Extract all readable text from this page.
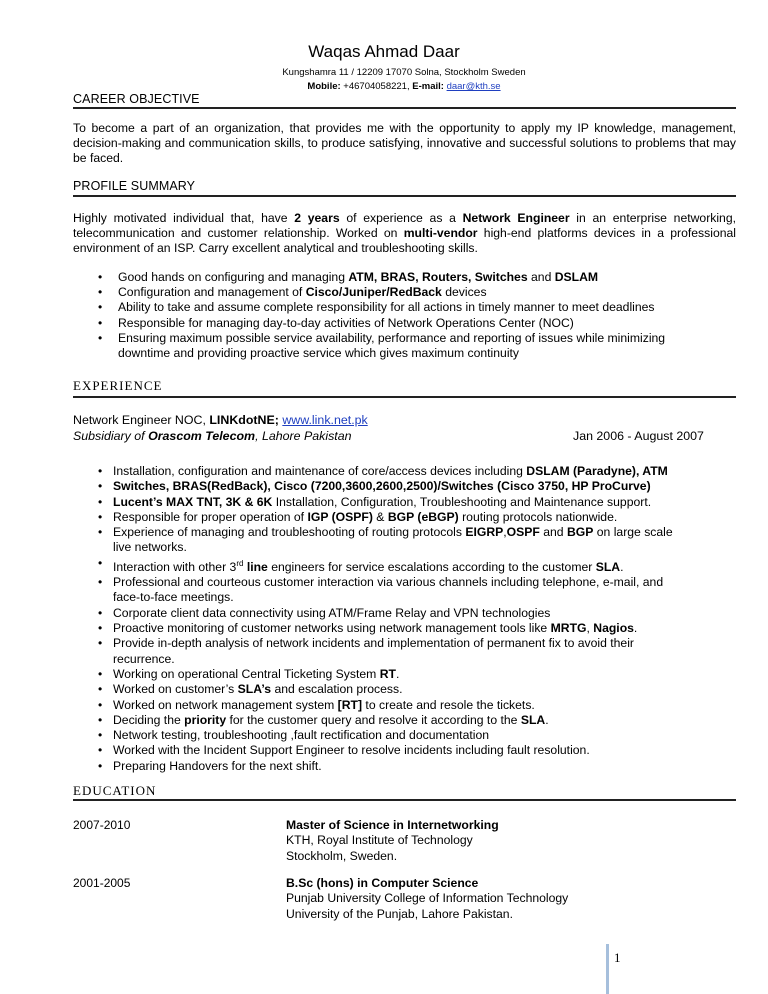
Waqas Ahmad Daar
Kungshamra 11 / 12209 17070 Solna, Stockholm Sweden
Mobile: +46704058221, E-mail: daar@kth.se
CAREER OBJECTIVE
To become a part of an organization, that provides me with the opportunity to apply my IP knowledge, management, decision-making and communication skills, to produce satisfying, innovative and successful solutions to problems that may be faced.
PROFILE SUMMARY
Highly motivated individual that, have 2 years of experience as a Network Engineer in an enterprise networking, telecommunication and customer relationship. Worked on multi-vendor high-end platforms devices in a professional environment of an ISP. Carry excellent analytical and troubleshooting skills.
• Good hands on configuring and managing ATM, BRAS, Routers, Switches and DSLAM
• Configuration and management of Cisco/Juniper/RedBack devices
• Ability to take and assume complete responsibility for all actions in timely manner to meet deadlines
• Responsible for managing day-to-day activities of Network Operations Center (NOC)
• Ensuring maximum possible service availability, performance and reporting of issues while minimizing downtime and providing proactive service which gives maximum continuity
EXPERIENCE
Network Engineer NOC, LINKdotNE; www.link.net.pk
Subsidiary of Orascom Telecom, Lahore Pakistan	Jan 2006 - August 2007
• Installation, configuration and maintenance of core/access devices including DSLAM (Paradyne), ATM
• Switches, BRAS(RedBack), Cisco (7200,3600,2600,2500)/Switches (Cisco 3750, HP ProCurve)
• Lucent’s MAX TNT, 3K & 6K Installation, Configuration, Troubleshooting and Maintenance support.
• Responsible for proper operation of IGP (OSPF) & BGP (eBGP) routing protocols nationwide.
• Experience of managing and troubleshooting of routing protocols EIGRP,OSPF and BGP on large scale live networks.
• Interaction with other 3rd line engineers for service escalations according to the customer SLA.
• Professional and courteous customer interaction via various channels including telephone, e-mail, and face-to-face meetings.
• Corporate client data connectivity using ATM/Frame Relay and VPN technologies
• Proactive monitoring of customer networks using network management tools like MRTG, Nagios.
• Provide in-depth analysis of network incidents and implementation of permanent fix to avoid their recurrence.
• Working on operational Central Ticketing System RT.
• Worked on customer’s SLA’s and escalation process.
• Worked on network management system [RT] to create and resole the tickets.
• Deciding the priority for the customer query and resolve it according to the SLA.
• Network testing, troubleshooting ,fault rectification and documentation
• Worked with the Incident Support Engineer to resolve incidents including fault resolution.
• Preparing Handovers for the next shift.
EDUCATION
2007-2010	Master of Science in Internetworking
KTH, Royal Institute of Technology
Stockholm, Sweden.
2001-2005	B.Sc (hons) in Computer Science
Punjab University College of Information Technology
University of the Punjab, Lahore Pakistan.
1
